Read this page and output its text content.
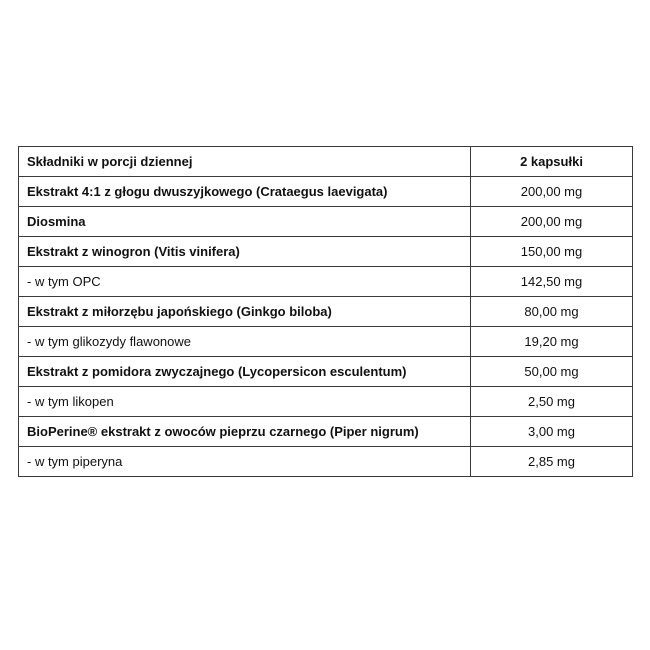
Składniki w porcji dziennej	2 kapsułki
Ekstrakt 4:1 z głogu dwuszyjkowego (Crataegus laevigata)	200,00 mg
Diosmina	200,00 mg
Ekstrakt z winogron (Vitis vinifera)	150,00 mg
- w tym OPC	142,50 mg
Ekstrakt z miłorzębu japońskiego (Ginkgo biloba)	80,00 mg
- w tym glikozydy flawonowe	19,20 mg
Ekstrakt z pomidora zwyczajnego (Lycopersicon esculentum)	50,00 mg
- w tym likopen	2,50 mg
BioPerine® ekstrakt z owoców pieprzu czarnego (Piper nigrum)	3,00 mg
- w tym piperyna	2,85 mg
